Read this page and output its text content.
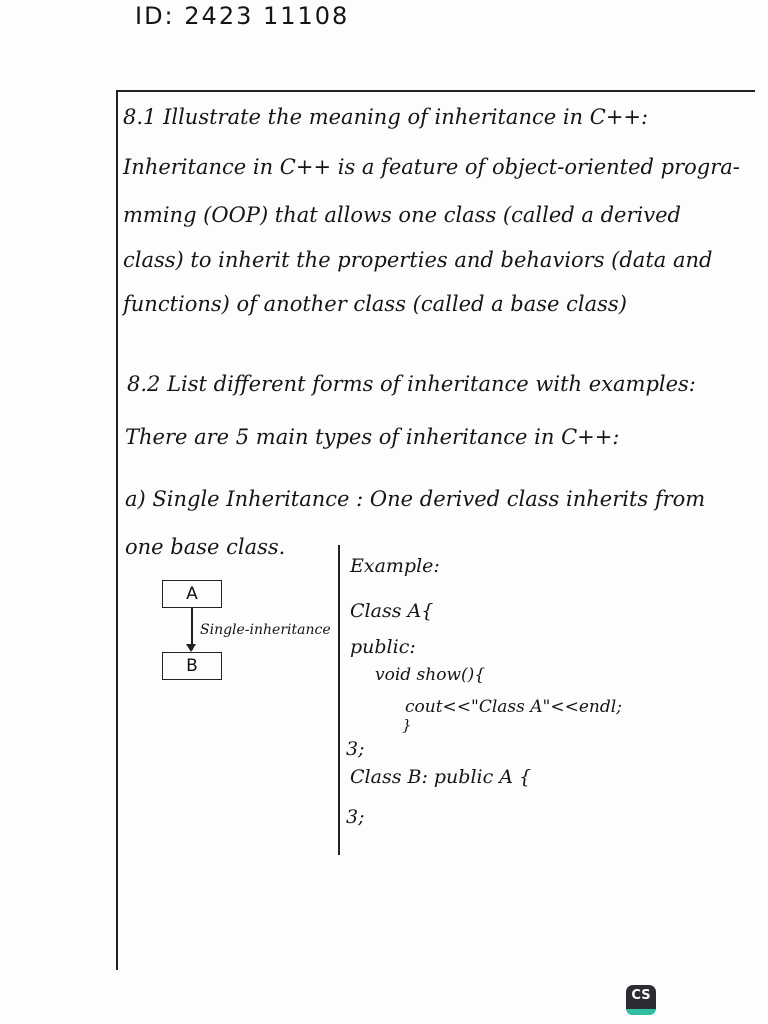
ID: 2423 11108
8.1 Illustrate the meaning of inheritance in C++:
Inheritance in C++ is a feature of object-oriented progra-
mming (OOP) that allows one class (called a derived
class) to inherit the properties and behaviors (data and
functions) of another class (called a base class)
8.2 List different forms of inheritance with examples:
There are 5 main types of inheritance in C++:
a) Single Inheritance : One derived class inherits from
one base class.
A
Single-inheritance
B
Example:
Class A{
public:
void show(){
cout<<"Class A"<<endl;
}
3;
Class B: public A {
3;
CS
